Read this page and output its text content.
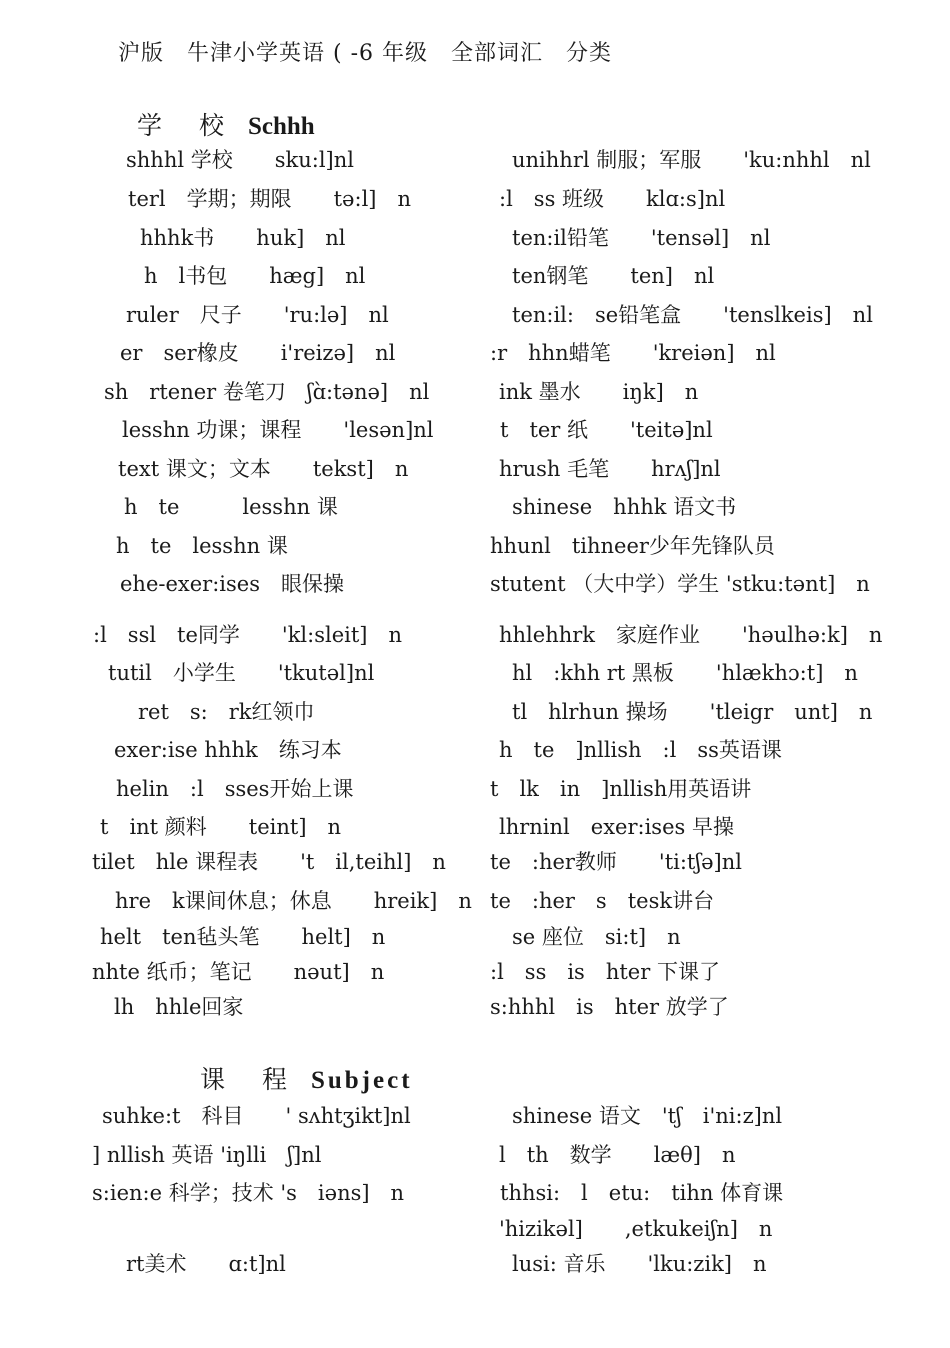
沪版　牛津小学英语 ( -6 年级　全部词汇　分类
学　校 Schhh
shhhl 学校　　sku:l]nl
terl　学期；期限　　tə:l]　n
hhhk书　　huk]　nl
h　l书包　　hæg]　nl
ruler　尺子　　'ru:lə]　nl
er　ser橡皮　　i'reizə]　nl
sh　rtener 卷笔刀　ʃɑ̀:tənə]　nl
lesshn 功课；课程　　'lesən]nl
text 课文；文本　　tekst]　n
h　te　　　lesshn 课
h　te　lesshn 课
ehe-exer:ises　眼保操
:l　ssl　te同学　　'kl:sleit]　n
tutil　小学生　　'tkutəl]nl
ret　s:　rk红领巾
exer:ise hhhk　练习本
helin　:l　sses开始上课
t　int 颜料　　teint]　n
tilet　hle 课程表　　't　il,teihl]　n
hre　k课间休息；休息　　hreik]　n
helt　ten毡头笔　　helt]　n
nhte 纸币；笔记　　nəut]　n
lh　hhle回家
unihhrl 制服；军服　　'ku:nhhl　nl
:l　ss 班级　　klɑ:s]nl
ten:il铅笔　　'tensəl]　nl
ten钢笔　　ten]　nl
ten:il:　se铅笔盒　　'tenslkeis]　nl
:r　hhn蜡笔　　'kreiən]　nl
ink 墨水　　iŋk]　n
t　ter 纸　　'teitə]nl
hrush 毛笔　　hrʌʃ]nl
shinese　hhhk 语文书
hhunl　tihneer少年先锋队员
stutent （大中学）学生 'stku:tənt]　n
hhlehhrk　家庭作业　　'həulhə:k]　n
hl　:khh rt 黑板　　'hlækhɔ:t]　n
tl　hlrhun 操场　　'tleigr　unt]　n
h　te　]nllish　:l　ss英语课
t　lk　in　]nllish用英语讲
lhrninl　exer:ises 早操
te　:her教师　　'ti:tʃə]nl
te　:her　s　tesk讲台
se 座位　si:t]　n
:l　ss　is　hter 下课了
s:hhhl　is　hter 放学了
课　程 Subject
suhke:t　科目　　' sʌhtʒikt]nl
] nllish 英语 'iŋlli　ʃ]nl
s:ien:e 科学；技术 's　iəns]　n
rt美术　　ɑ:t]nl
shinese 语文　'tʃ　i'ni:z]nl
l　th　数学　　læθ]　n
thhsi:　l　etu:　tihn 体育课
'hizikəl]　　,etkukeiʃn]　n
lusi: 音乐　　'lku:zik]　n
